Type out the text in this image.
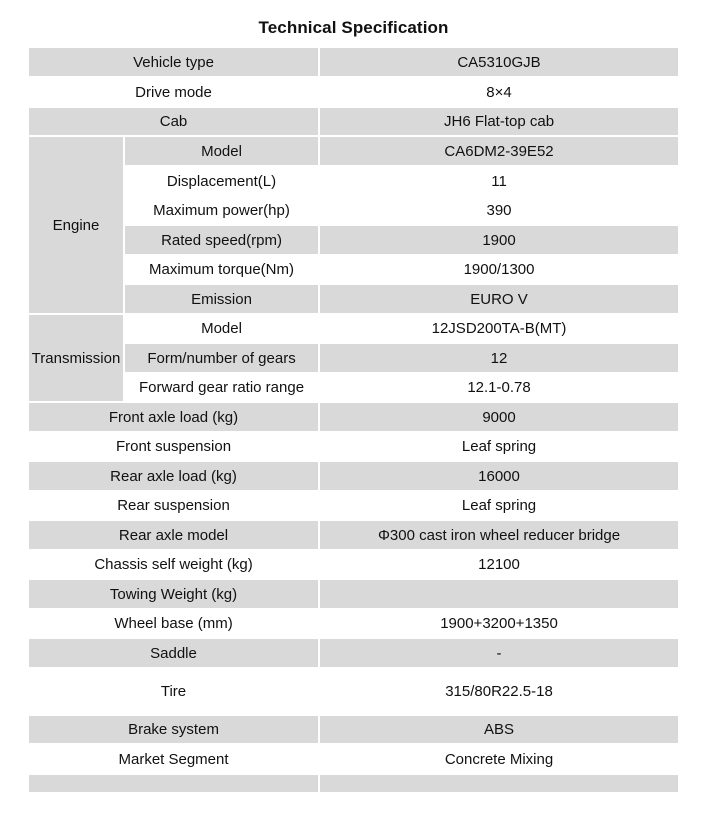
Technical Specification
Vehicle type		CA5310GJB
Drive mode		8×4
Cab		JH6 Flat-top cab
Engine	Model	CA6DM2-39E52
	Displacement(L)	11
	Maximum power(hp)	390
	Rated speed(rpm)	1900
	Maximum torque(Nm)	1900/1300
	Emission	EURO V
Transmission	Model	12JSD200TA-B(MT)
	Form/number of gears	12
	Forward gear ratio range	12.1-0.78
Front axle load (kg)		9000
Front suspension		Leaf spring
Rear axle load (kg)		16000
Rear suspension		Leaf spring
Rear axle model		Φ300 cast iron wheel reducer bridge
Chassis self weight (kg)		12100
Towing Weight (kg)		
Wheel base (mm)		1900+3200+1350
Saddle		-
Tire		315/80R22.5-18
Brake system		ABS
Market Segment		Concrete Mixing
